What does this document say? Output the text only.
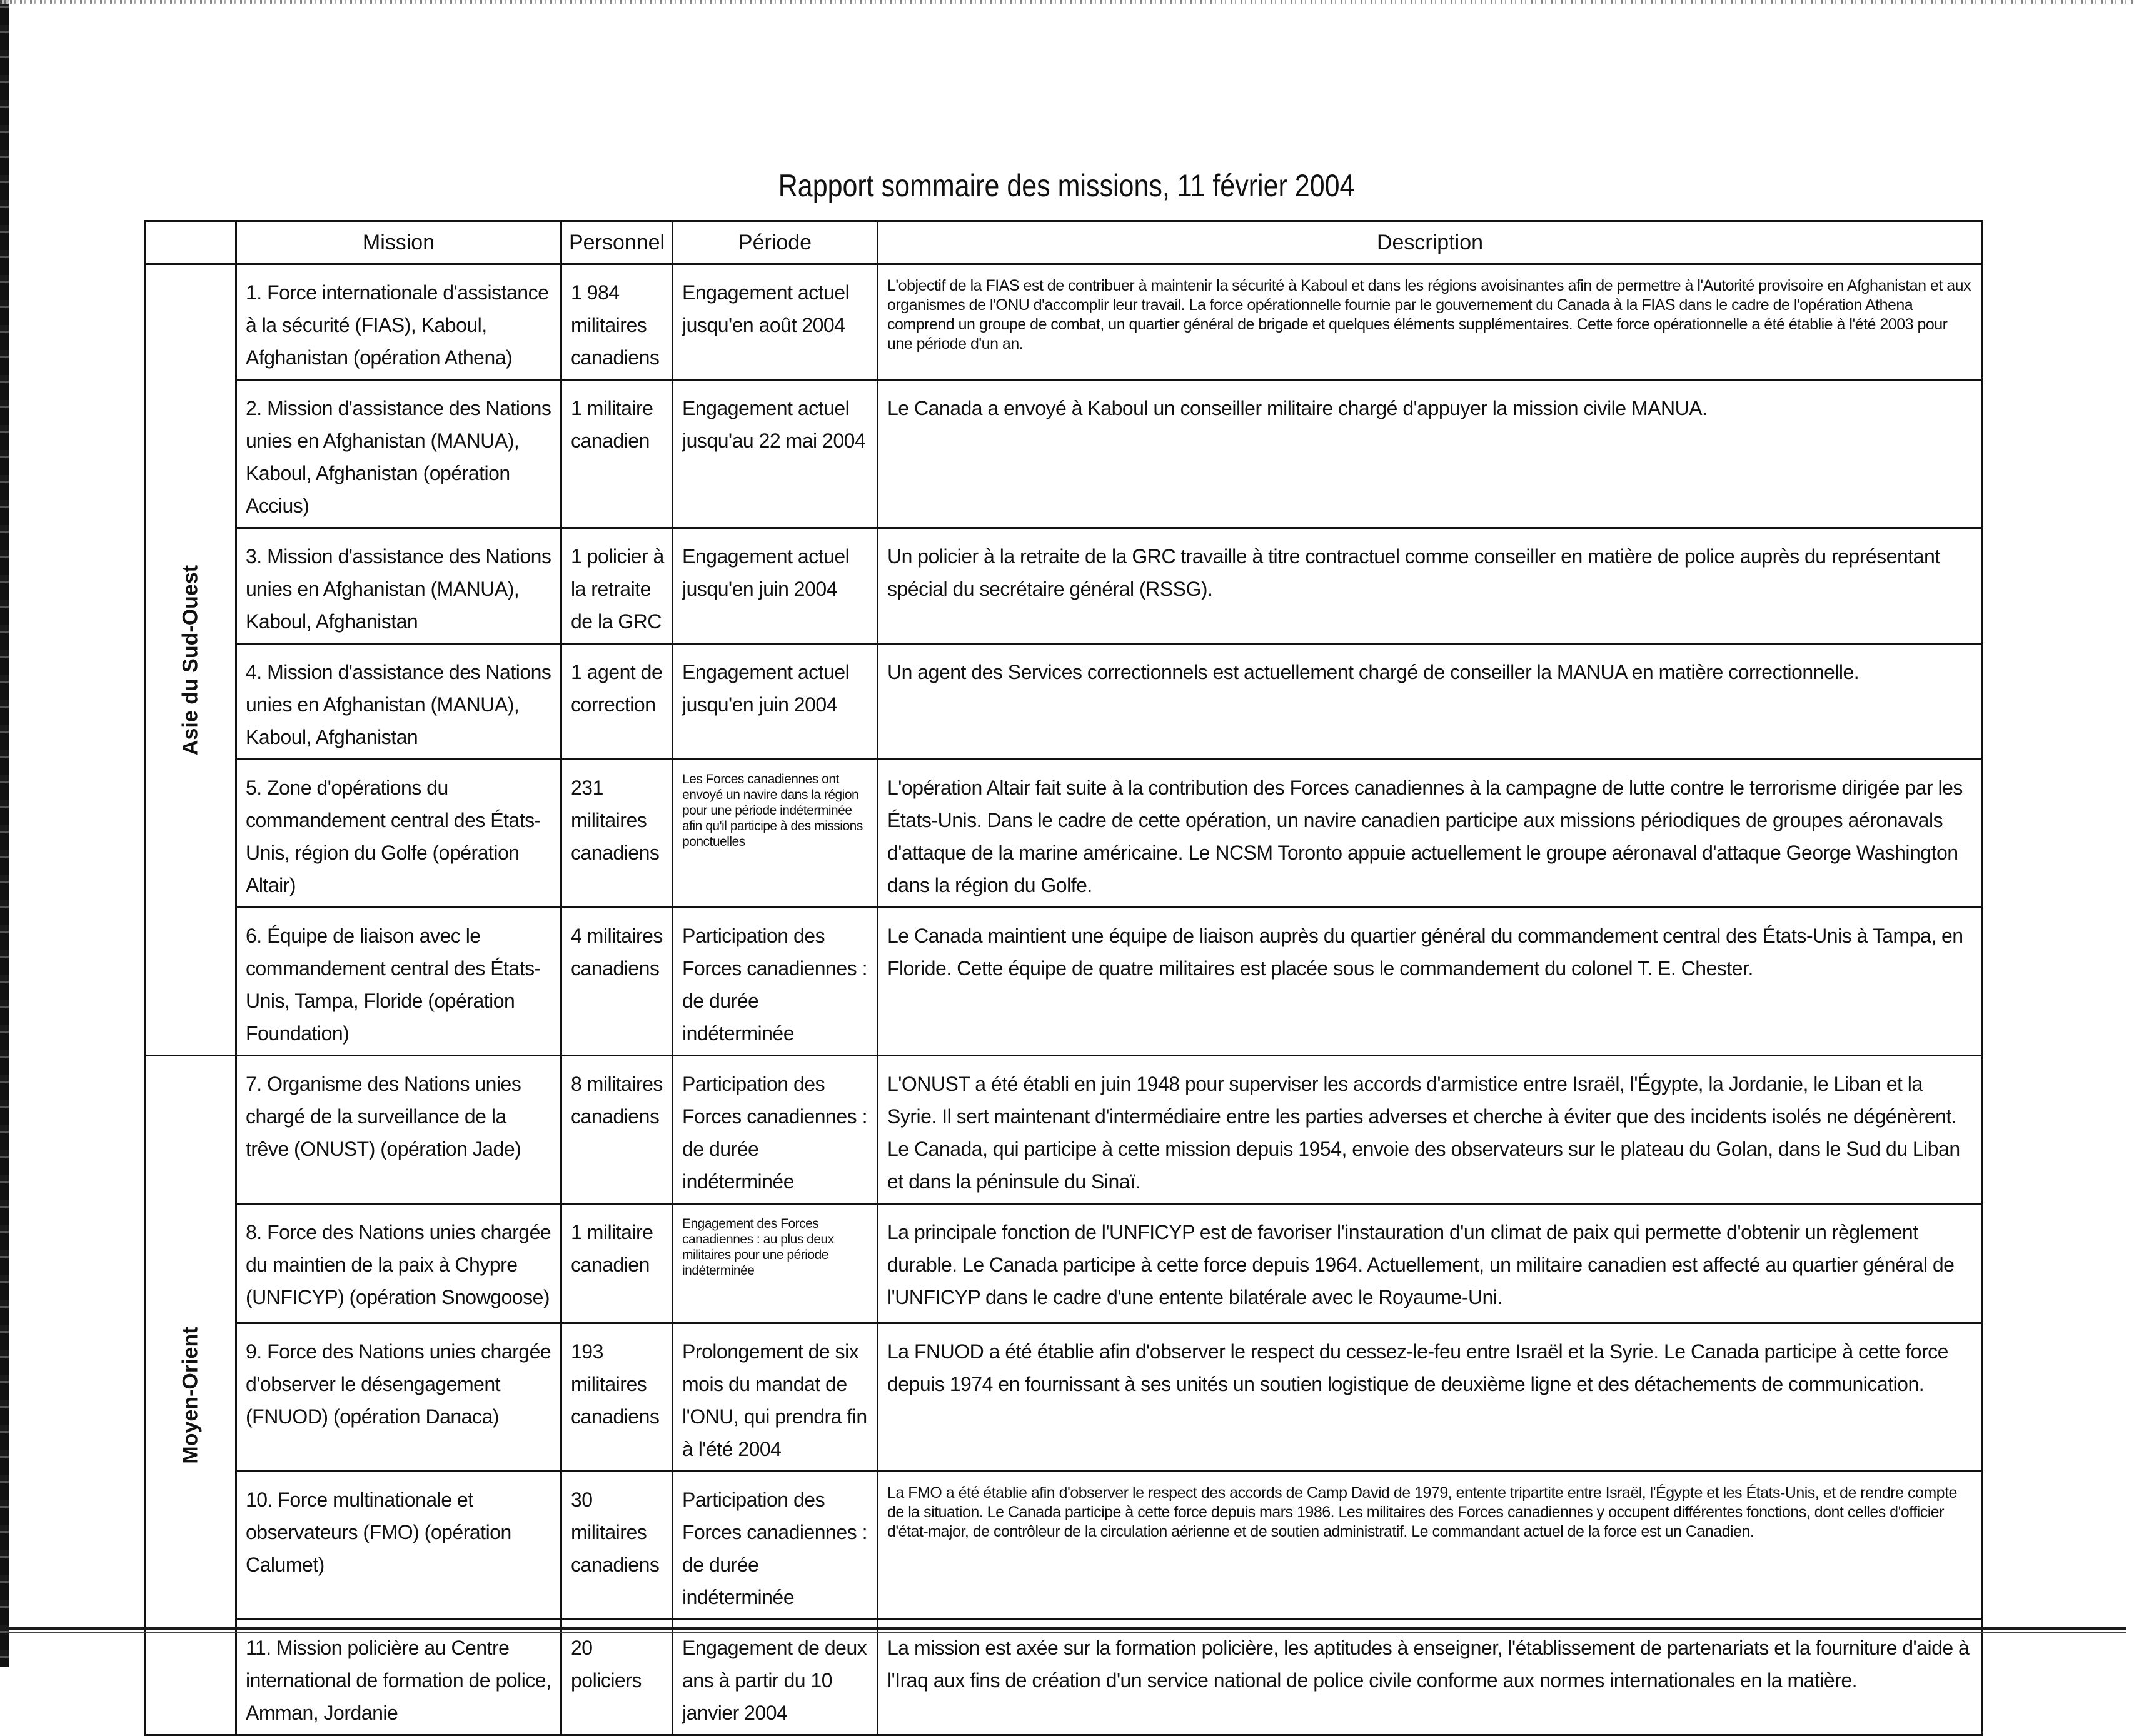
Rapport sommaire des missions, 11 février 2004
	Mission	Personnel	Période	Description

Asie du Sud-Ouest	1. Force internationale d'assistance à la sécurité (FIAS), Kaboul, Afghanistan (opération Athena)	1 984 militaires canadiens	Engagement actuel jusqu'en août 2004	L'objectif de la FIAS est de contribuer à maintenir la sécurité à Kaboul et dans les régions avoisinantes afin de permettre à l'Autorité provisoire en Afghanistan et aux organismes de l'ONU d'accomplir leur travail. La force opérationnelle fournie par le gouvernement du Canada à la FIAS dans le cadre de l'opération Athena comprend un groupe de combat, un quartier général de brigade et quelques éléments supplémentaires. Cette force opérationnelle a été établie à l'été 2003 pour une période d'un an.
	2. Mission d'assistance des Nations unies en Afghanistan (MANUA), Kaboul, Afghanistan (opération Accius)	1 militaire canadien	Engagement actuel jusqu'au 22 mai 2004	Le Canada a envoyé à Kaboul un conseiller militaire chargé d'appuyer la mission civile MANUA.
	3. Mission d'assistance des Nations unies en Afghanistan (MANUA), Kaboul, Afghanistan	1 policier à la retraite de la GRC	Engagement actuel jusqu'en juin 2004	Un policier à la retraite de la GRC travaille à titre contractuel comme conseiller en matière de police auprès du représentant spécial du secrétaire général (RSSG).
	4. Mission d'assistance des Nations unies en Afghanistan (MANUA), Kaboul, Afghanistan	1 agent de correction	Engagement actuel jusqu'en juin 2004	Un agent des Services correctionnels est actuellement chargé de conseiller la MANUA en matière correctionnelle.
	5. Zone d'opérations du commandement central des États-Unis, région du Golfe (opération Altair)	231 militaires canadiens	Les Forces canadiennes ont envoyé un navire dans la région pour une période indéterminée afin qu'il participe à des missions ponctuelles	L'opération Altair fait suite à la contribution des Forces canadiennes à la campagne de lutte contre le terrorisme dirigée par les États-Unis. Dans le cadre de cette opération, un navire canadien participe aux missions périodiques de groupes aéronavals d'attaque de la marine américaine. Le NCSM Toronto appuie actuellement le groupe aéronaval d'attaque George Washington dans la région du Golfe.
	6. Équipe de liaison avec le commandement central des États-Unis, Tampa, Floride (opération Foundation)	4 militaires canadiens	Participation des Forces canadiennes : de durée indéterminée	Le Canada maintient une équipe de liaison auprès du quartier général du commandement central des États-Unis à Tampa, en Floride. Cette équipe de quatre militaires est placée sous le commandement du colonel T. E. Chester.

Moyen-Orient	7. Organisme des Nations unies chargé de la surveillance de la trêve (ONUST) (opération Jade)	8 militaires canadiens	Participation des Forces canadiennes : de durée indéterminée	L'ONUST a été établi en juin 1948 pour superviser les accords d'armistice entre Israël, l'Égypte, la Jordanie, le Liban et la Syrie. Il sert maintenant d'intermédiaire entre les parties adverses et cherche à éviter que des incidents isolés ne dégénèrent. Le Canada, qui participe à cette mission depuis 1954, envoie des observateurs sur le plateau du Golan, dans le Sud du Liban et dans la péninsule du Sinaï.
	8. Force des Nations unies chargée du maintien de la paix à Chypre (UNFICYP) (opération Snowgoose)	1 militaire canadien	Engagement des Forces canadiennes : au plus deux militaires pour une période indéterminée	La principale fonction de l'UNFICYP est de favoriser l'instauration d'un climat de paix qui permette d'obtenir un règlement durable. Le Canada participe à cette force depuis 1964. Actuellement, un militaire canadien est affecté au quartier général de l'UNFICYP dans le cadre d'une entente bilatérale avec le Royaume-Uni.
	9. Force des Nations unies chargée d'observer le désengagement (FNUOD) (opération Danaca)	193 militaires canadiens	Prolongement de six mois du mandat de l'ONU, qui prendra fin à l'été 2004	La FNUOD a été établie afin d'observer le respect du cessez-le-feu entre Israël et la Syrie. Le Canada participe à cette force depuis 1974 en fournissant à ses unités un soutien logistique de deuxième ligne et des détachements de communication.
	10. Force multinationale et observateurs (FMO) (opération Calumet)	30 militaires canadiens	Participation des Forces canadiennes : de durée indéterminée	La FMO a été établie afin d'observer le respect des accords de Camp David de 1979, entente tripartite entre Israël, l'Égypte et les États-Unis, et de rendre compte de la situation. Le Canada participe à cette force depuis mars 1986. Les militaires des Forces canadiennes y occupent différentes fonctions, dont celles d'officier d'état-major, de contrôleur de la circulation aérienne et de soutien administratif. Le commandant actuel de la force est un Canadien.
	11. Mission policière au Centre international de formation de police, Amman, Jordanie	20 policiers	Engagement de deux ans à partir du 10 janvier 2004	La mission est axée sur la formation policière, les aptitudes à enseigner, l'établissement de partenariats et la fourniture d'aide à l'Iraq aux fins de création d'un service national de police civile conforme aux normes internationales en la matière.
